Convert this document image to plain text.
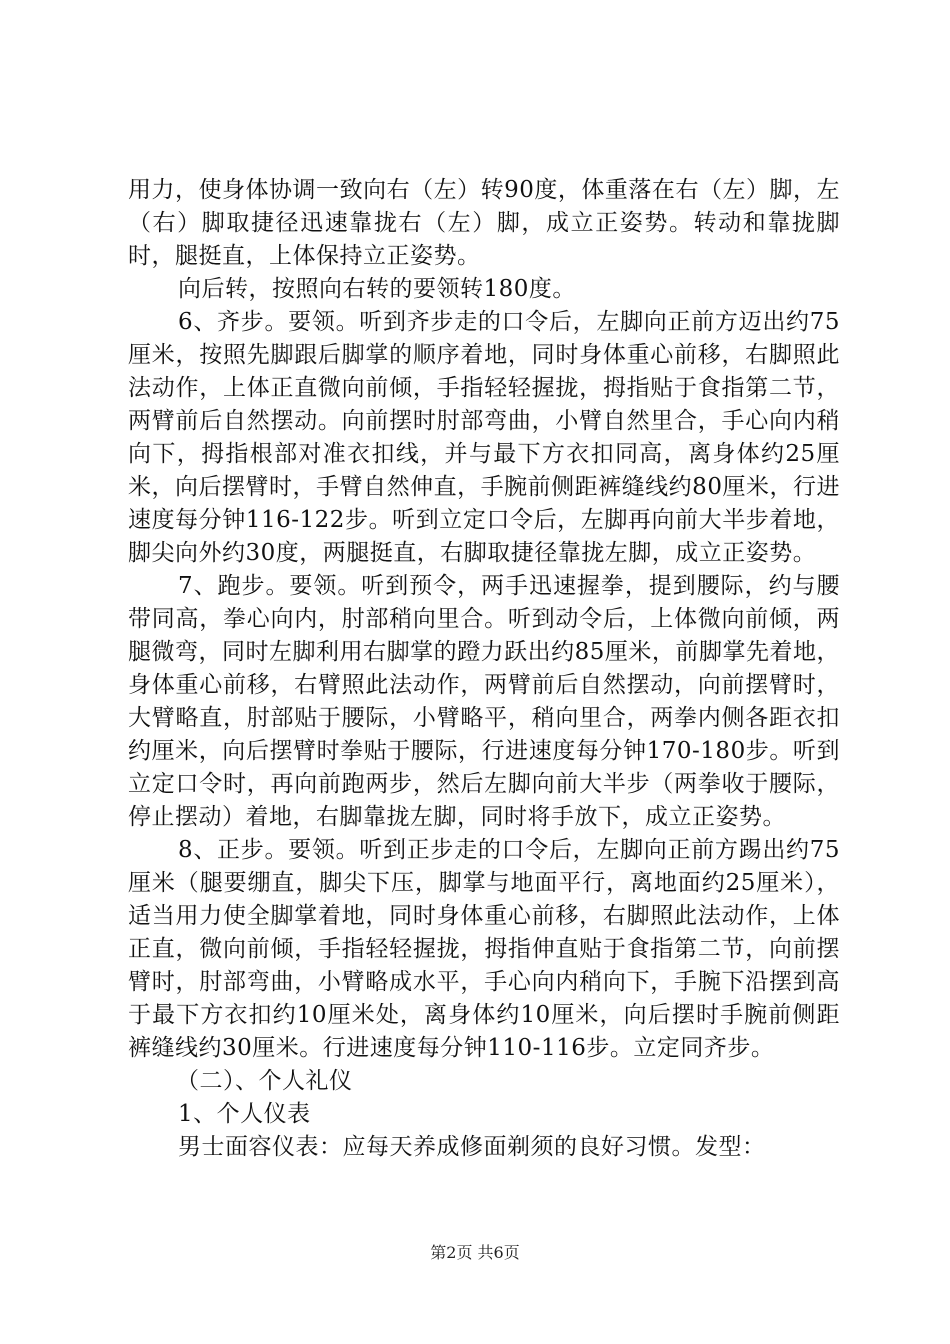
用力，使身体协调一致向右（左）转90度，体重落在右（左）脚，左（右）脚取捷径迅速靠拢右（左）脚，成立正姿势。转动和靠拢脚时，腿挺直，上体保持立正姿势。

向后转，按照向右转的要领转180度。

6、齐步。要领。听到齐步走的口令后，左脚向正前方迈出约75厘米，按照先脚跟后脚掌的顺序着地，同时身体重心前移，右脚照此法动作，上体正直微向前倾，手指轻轻握拢，拇指贴于食指第二节，两臂前后自然摆动。向前摆时肘部弯曲，小臂自然里合，手心向内稍向下，拇指根部对准衣扣线，并与最下方衣扣同高，离身体约25厘米，向后摆臂时，手臂自然伸直，手腕前侧距裤缝线约80厘米，行进速度每分钟116-122步。听到立定口令后，左脚再向前大半步着地，脚尖向外约30度，两腿挺直，右脚取捷径靠拢左脚，成立正姿势。

7、跑步。要领。听到预令，两手迅速握拳，提到腰际，约与腰带同高，拳心向内，肘部稍向里合。听到动令后，上体微向前倾，两腿微弯，同时左脚利用右脚掌的蹬力跃出约85厘米，前脚掌先着地，身体重心前移，右臂照此法动作，两臂前后自然摆动，向前摆臂时，大臂略直，肘部贴于腰际，小臂略平，稍向里合，两拳内侧各距衣扣约厘米，向后摆臂时拳贴于腰际，行进速度每分钟170-180步。听到立定口令时，再向前跑两步，然后左脚向前大半步（两拳收于腰际，停止摆动）着地，右脚靠拢左脚，同时将手放下，成立正姿势。

8、正步。要领。听到正步走的口令后，左脚向正前方踢出约75厘米（腿要绷直，脚尖下压，脚掌与地面平行，离地面约25厘米），适当用力使全脚掌着地，同时身体重心前移，右脚照此法动作，上体正直，微向前倾，手指轻轻握拢，拇指伸直贴于食指第二节，向前摆臂时，肘部弯曲，小臂略成水平，手心向内稍向下，手腕下沿摆到高于最下方衣扣约10厘米处，离身体约10厘米，向后摆时手腕前侧距裤缝线约30厘米。行进速度每分钟110-116步。立定同齐步。

（二）、个人礼仪

1、个人仪表

男士面容仪表：应每天养成修面剃须的良好习惯。发型：

第2页 共6页
